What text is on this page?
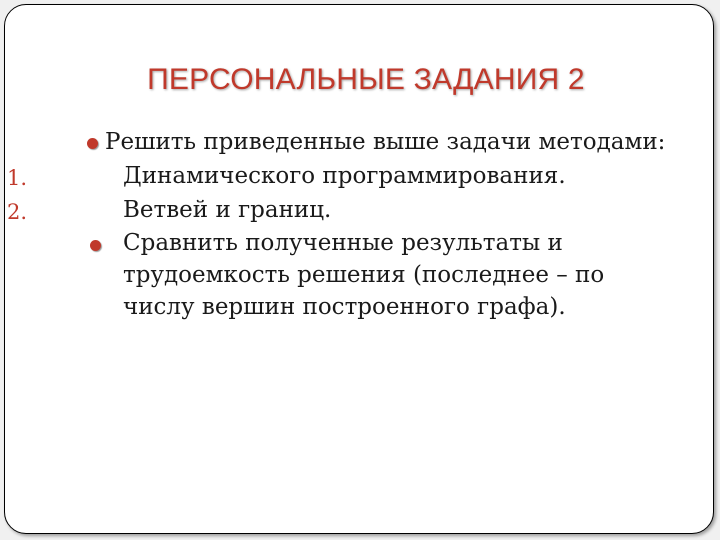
ПЕРСОНАЛЬНЫЕ ЗАДАНИЯ 2
Решить приведенные выше задачи методами:
1.	Динамического программирования.
2.	Ветвей и границ.
Сравнить полученные результаты и трудоемкость решения (последнее – по числу вершин построенного графа).
